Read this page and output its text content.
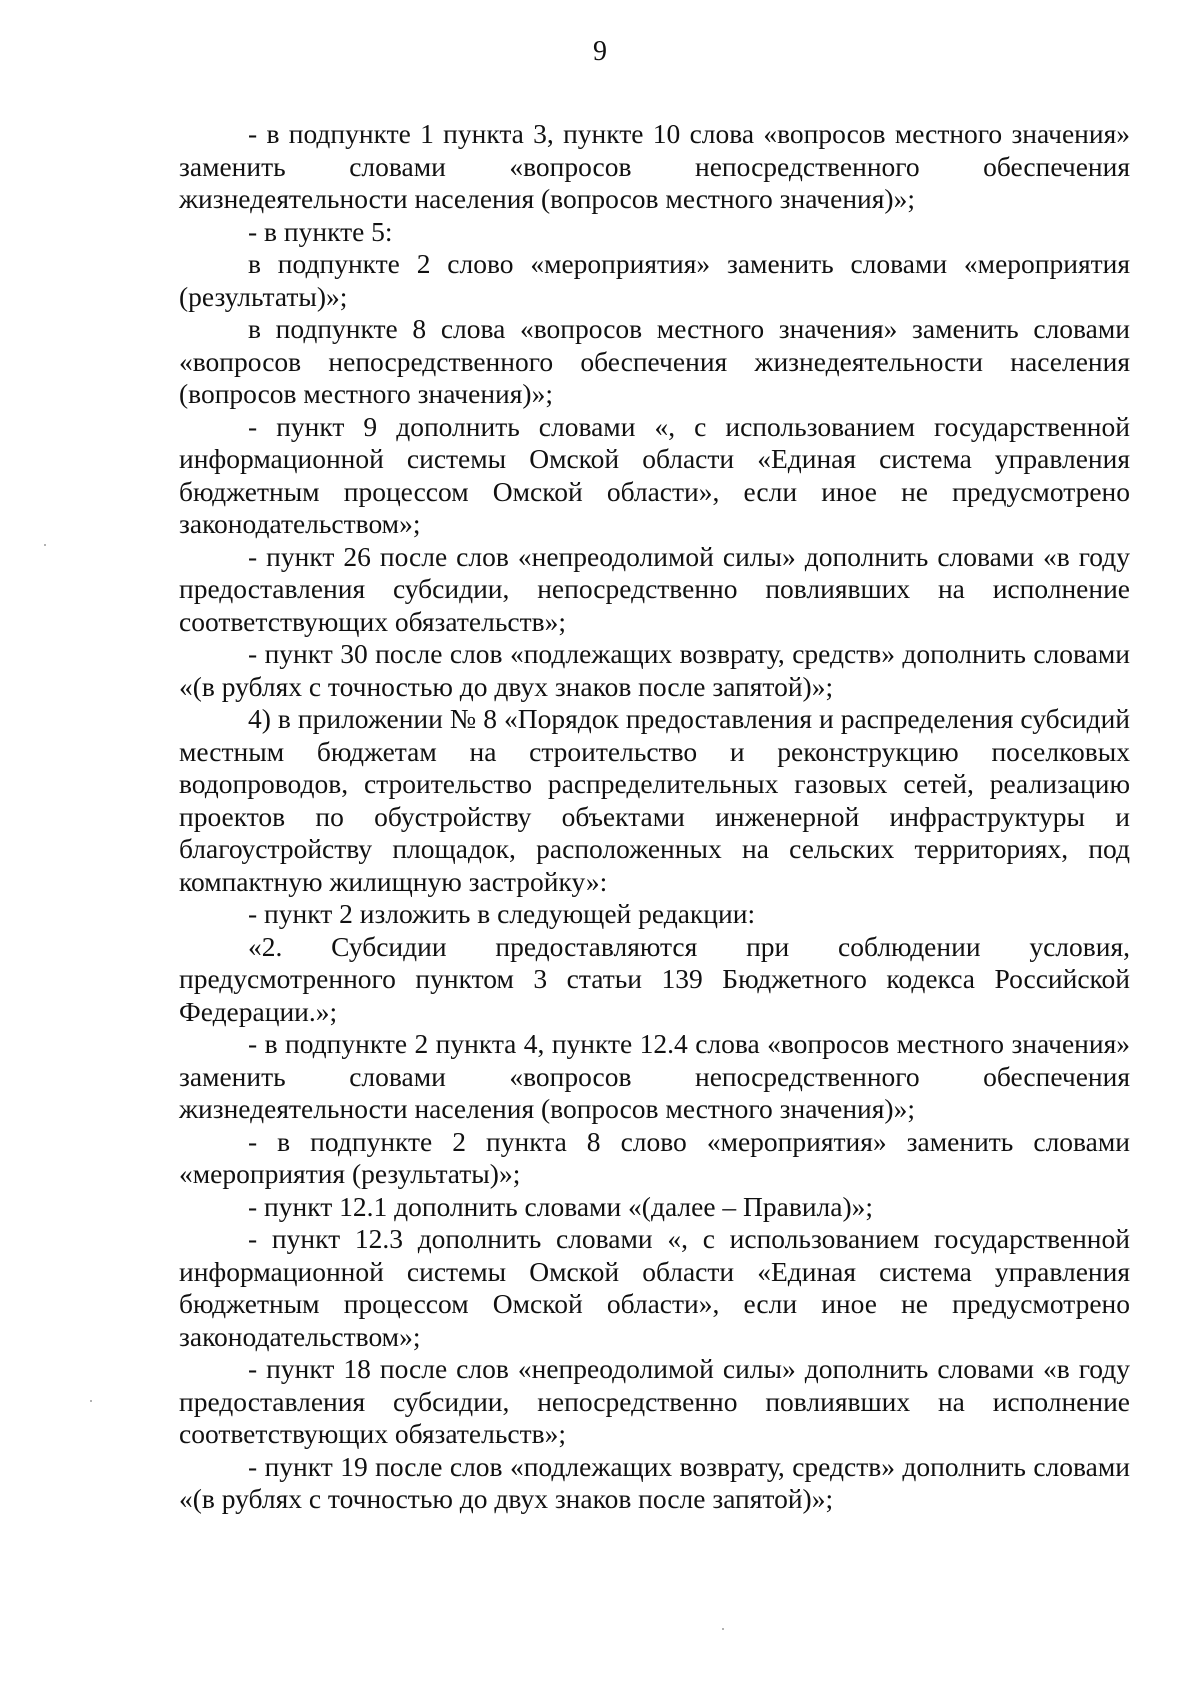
9

- в подпункте 1 пункта 3, пункте 10 слова «вопросов местного значения» заменить словами «вопросов непосредственного обеспечения жизнедеятельности населения (вопросов местного значения)»;

- в пункте 5:

в подпункте 2 слово «мероприятия» заменить словами «мероприятия (результаты)»;

в подпункте 8 слова «вопросов местного значения» заменить словами «вопросов непосредственного обеспечения жизнедеятельности населения (вопросов местного значения)»;

- пункт 9 дополнить словами «, с использованием государственной информационной системы Омской области «Единая система управления бюджетным процессом Омской области», если иное не предусмотрено законодательством»;

- пункт 26 после слов «непреодолимой силы» дополнить словами «в году предоставления субсидии, непосредственно повлиявших на исполнение соответствующих обязательств»;

- пункт 30 после слов «подлежащих возврату, средств» дополнить словами «(в рублях с точностью до двух знаков после запятой)»;

4) в приложении № 8 «Порядок предоставления и распределения субсидий местным бюджетам на строительство и реконструкцию поселковых водопроводов, строительство распределительных газовых сетей, реализацию проектов по обустройству объектами инженерной инфраструктуры и благоустройству площадок, расположенных на сельских территориях, под компактную жилищную застройку»:

- пункт 2 изложить в следующей редакции:

«2. Субсидии предоставляются при соблюдении условия, предусмотренного пунктом 3 статьи 139 Бюджетного кодекса Российской Федерации.»;

- в подпункте 2 пункта 4, пункте 12.4 слова «вопросов местного значения» заменить словами «вопросов непосредственного обеспечения жизнедеятельности населения (вопросов местного значения)»;

- в подпункте 2 пункта 8 слово «мероприятия» заменить словами «мероприятия (результаты)»;

- пункт 12.1 дополнить словами «(далее – Правила)»;

- пункт 12.3 дополнить словами «, с использованием государственной информационной системы Омской области «Единая система управления бюджетным процессом Омской области», если иное не предусмотрено законодательством»;

- пункт 18 после слов «непреодолимой силы» дополнить словами «в году предоставления субсидии, непосредственно повлиявших на исполнение соответствующих обязательств»;

- пункт 19 после слов «подлежащих возврату, средств» дополнить словами «(в рублях с точностью до двух знаков после запятой)»;
